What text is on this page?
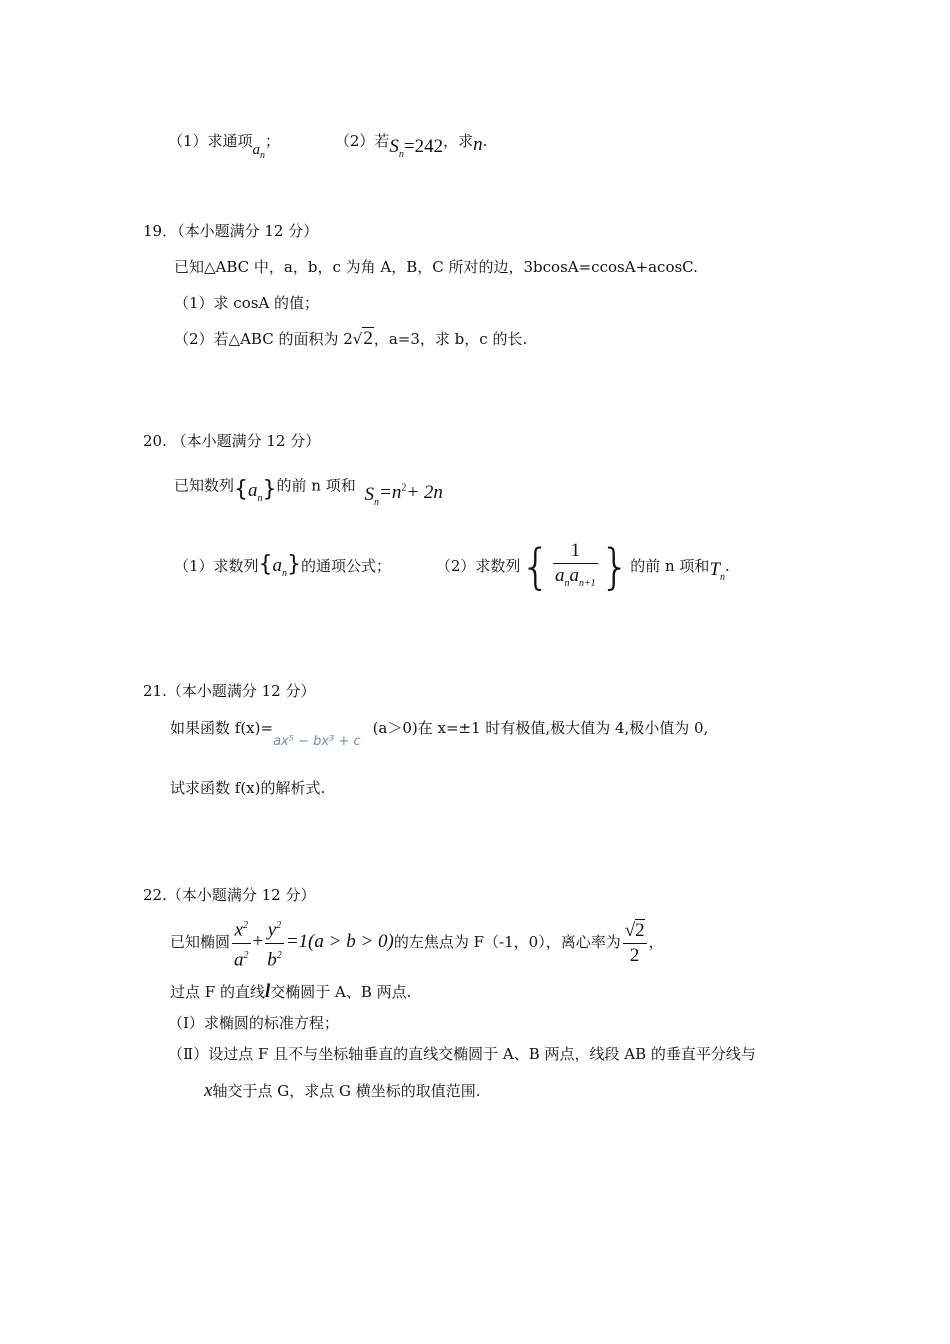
（1）求通项$a_n$；	（2）若$S_n=242$，求n.
19．（本小题满分 12 分）
已知△ABC 中，a，b，c 为角 A，B，C 所对的边，3bcosA=ccosA+acosC.
（1）求 cosA 的值；
（2）若△ABC 的面积为 2√2，a=3，求 b，c 的长.
20. （本小题满分 12 分）
已知数列$\{a_n\}$的前 n 项和 $S_n=n^2+ 2n$
（1）求数列$\{a_n\}$的通项公式；	（2）求数列{ $\frac{1}{a_na_{n+1}}$ }的前 n 项和$T_n$.
21.（本小题满分 12 分）
如果函数 f(x)=ax⁵ − bx³ + c(a＞0)在 x=±1 时有极值,极大值为 4,极小值为 0,
试求函数 f(x)的解析式.
22.（本小题满分 12 分）
已知椭圆 $\frac{x^2}{a^2} + \frac{y^2}{b^2} =1(a > b > 0)$的左焦点为 F（-1，0），离心率为 $\frac{√2}{2}$ ，
过点 F 的直线l交椭圆于 A、B 两点.
（Ⅰ）求椭圆的标准方程；
（Ⅱ）设过点 F 且不与坐标轴垂直的直线交椭圆于 A、B 两点，线段 AB 的垂直平分线与
x轴交于点 G，求点 G 横坐标的取值范围.
